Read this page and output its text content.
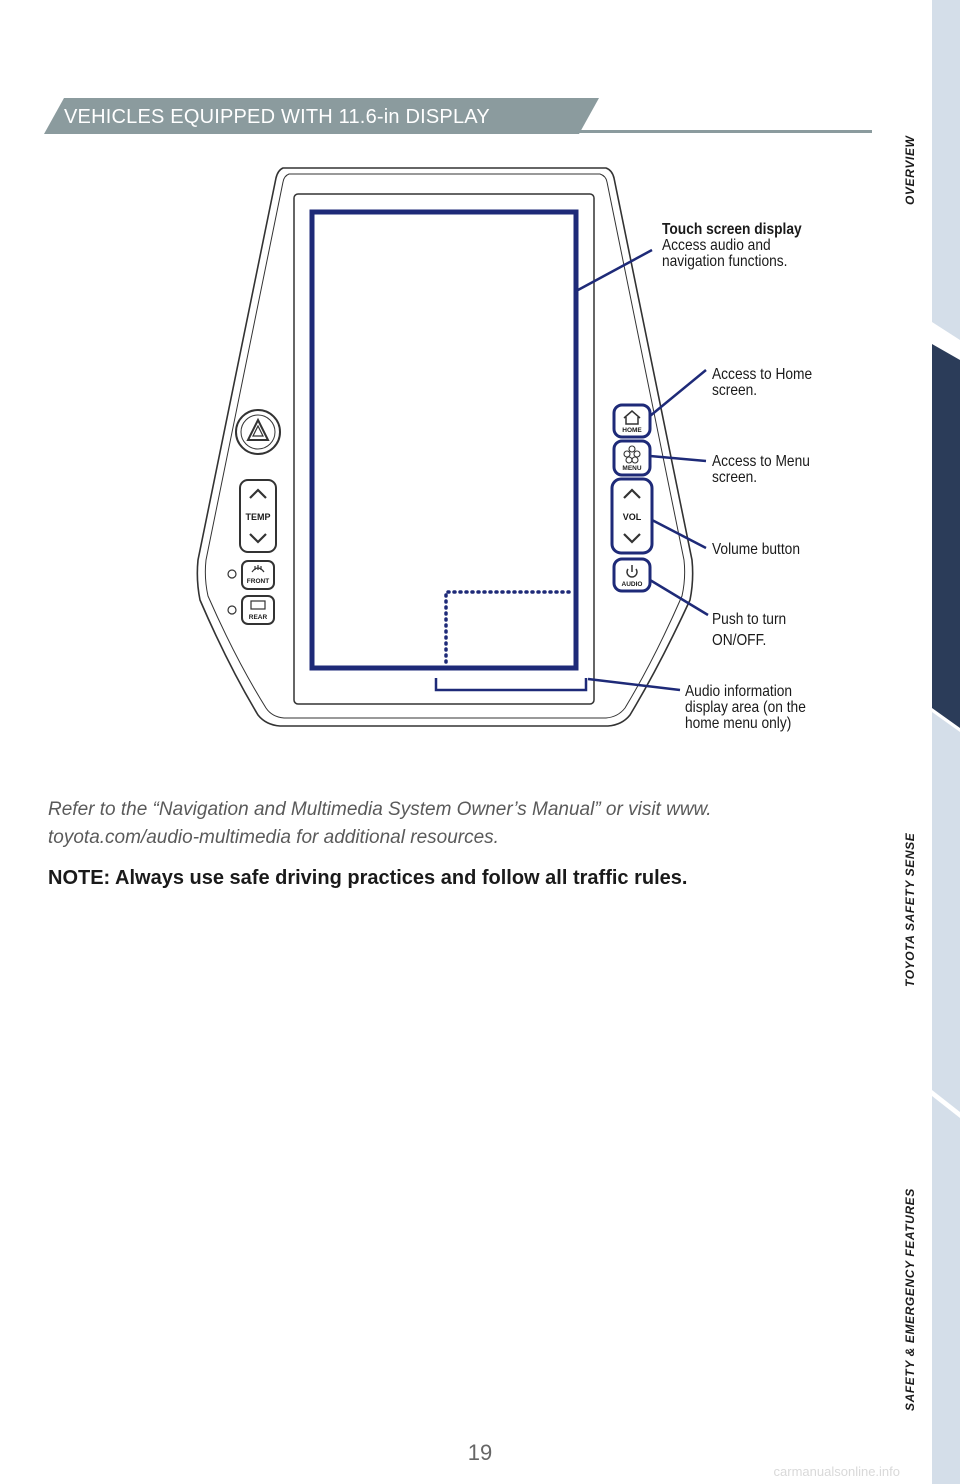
VEHICLES EQUIPPED WITH 11.6-in DISPLAY
OVERVIEW
FEATURES & OPERATIONS
TOYOTA SAFETY SENSE
SAFETY & EMERGENCY FEATURES
TEMP
FRONT
REAR
HOME
MENU
VOL
AUDIO
Touch screen display
Access audio and
navigation functions.
Access to Home
screen.
Access to Menu
screen.
Volume button
Push to turn
ON/OFF.
Audio information
display area (on the
home menu only)
Refer to the “Navigation and Multimedia System Owner’s Manual” or visit www.
toyota.com/audio-multimedia for additional resources.
NOTE: Always use safe driving practices and follow all traffic rules.
19
carmanualsonline.info
